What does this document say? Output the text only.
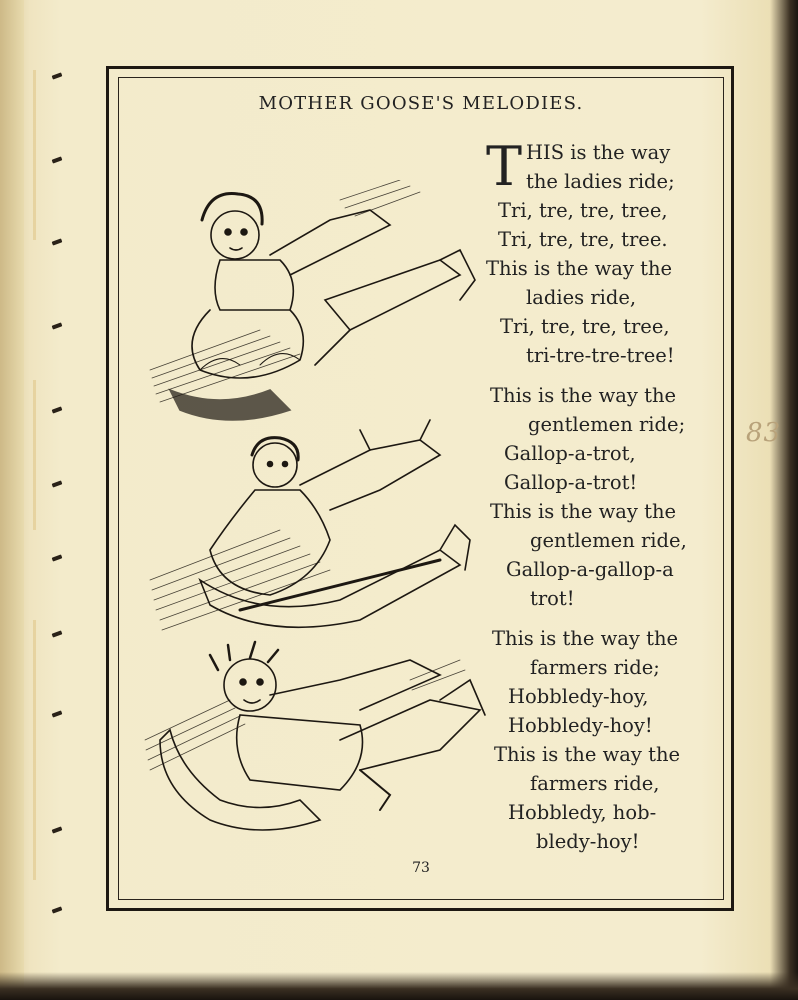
MOTHER GOOSE'S MELODIES.
T HIS is the way
the ladies ride;
Tri, tre, tre, tree,
Tri, tre, tre, tree.
This is the way the
ladies ride,
Tri, tre, tre, tree,
tri-tre-tre-tree!
This is the way the
gentlemen ride;
Gallop-a-trot,
Gallop-a-trot!
This is the way the
gentlemen ride,
Gallop-a-gallop-a
trot!
This is the way the
farmers ride;
Hobbledy-hoy,
Hobbledy-hoy!
This is the way the
farmers ride,
Hobbledy, hob-
bledy-hoy!
73
83
